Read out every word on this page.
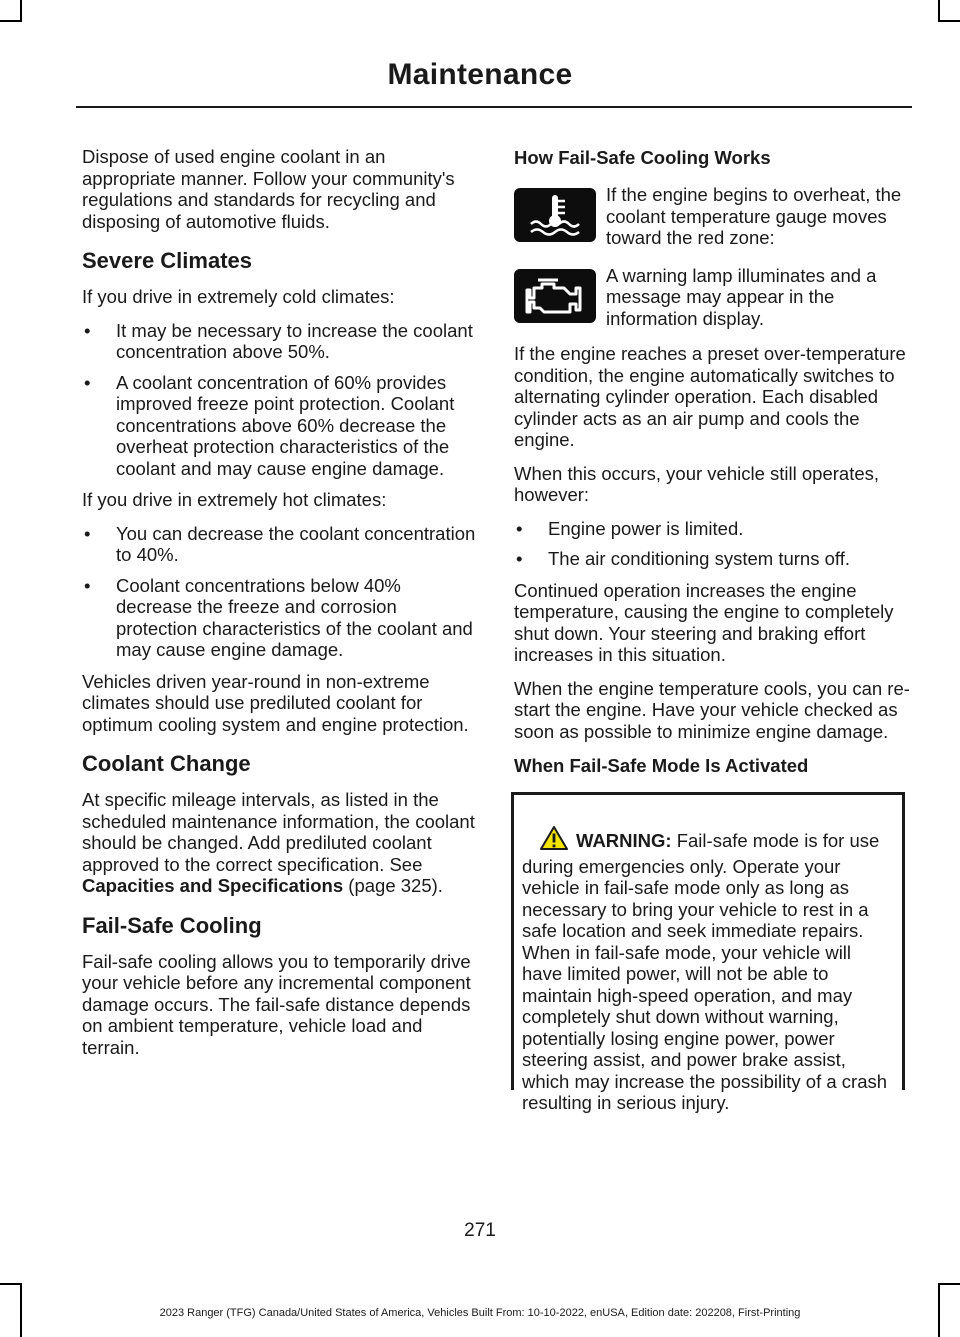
Maintenance

Dispose of used engine coolant in an appropriate manner. Follow your community's regulations and standards for recycling and disposing of automotive fluids.

Severe Climates

If you drive in extremely cold climates:

• It may be necessary to increase the coolant concentration above 50%.
• A coolant concentration of 60% provides improved freeze point protection. Coolant concentrations above 60% decrease the overheat protection characteristics of the coolant and may cause engine damage.

If you drive in extremely hot climates:

• You can decrease the coolant concentration to 40%.
• Coolant concentrations below 40% decrease the freeze and corrosion protection characteristics of the coolant and may cause engine damage.

Vehicles driven year-round in non-extreme climates should use prediluted coolant for optimum cooling system and engine protection.

Coolant Change

At specific mileage intervals, as listed in the scheduled maintenance information, the coolant should be changed. Add prediluted coolant approved to the correct specification. See Capacities and Specifications (page 325).

Fail-Safe Cooling

Fail-safe cooling allows you to temporarily drive your vehicle before any incremental component damage occurs. The fail-safe distance depends on ambient temperature, vehicle load and terrain.

How Fail-Safe Cooling Works
If the engine begins to overheat, the coolant temperature gauge moves toward the red zone:
A warning lamp illuminates and a message may appear in the information display.

If the engine reaches a preset over-temperature condition, the engine automatically switches to alternating cylinder operation. Each disabled cylinder acts as an air pump and cools the engine.

When this occurs, your vehicle still operates, however:

• Engine power is limited.
• The air conditioning system turns off.

Continued operation increases the engine temperature, causing the engine to completely shut down. Your steering and braking effort increases in this situation.

When the engine temperature cools, you can re-start the engine. Have your vehicle checked as soon as possible to minimize engine damage.

When Fail-Safe Mode Is Activated
WARNING: Fail-safe mode is for use during emergencies only. Operate your vehicle in fail-safe mode only as long as necessary to bring your vehicle to rest in a safe location and seek immediate repairs. When in fail-safe mode, your vehicle will have limited power, will not be able to maintain high-speed operation, and may completely shut down without warning, potentially losing engine power, power steering assist, and power brake assist, which may increase the possibility of a crash resulting in serious injury.
271
2023 Ranger (TFG) Canada/United States of America, Vehicles Built From: 10-10-2022, enUSA, Edition date: 202208, First-Printing
